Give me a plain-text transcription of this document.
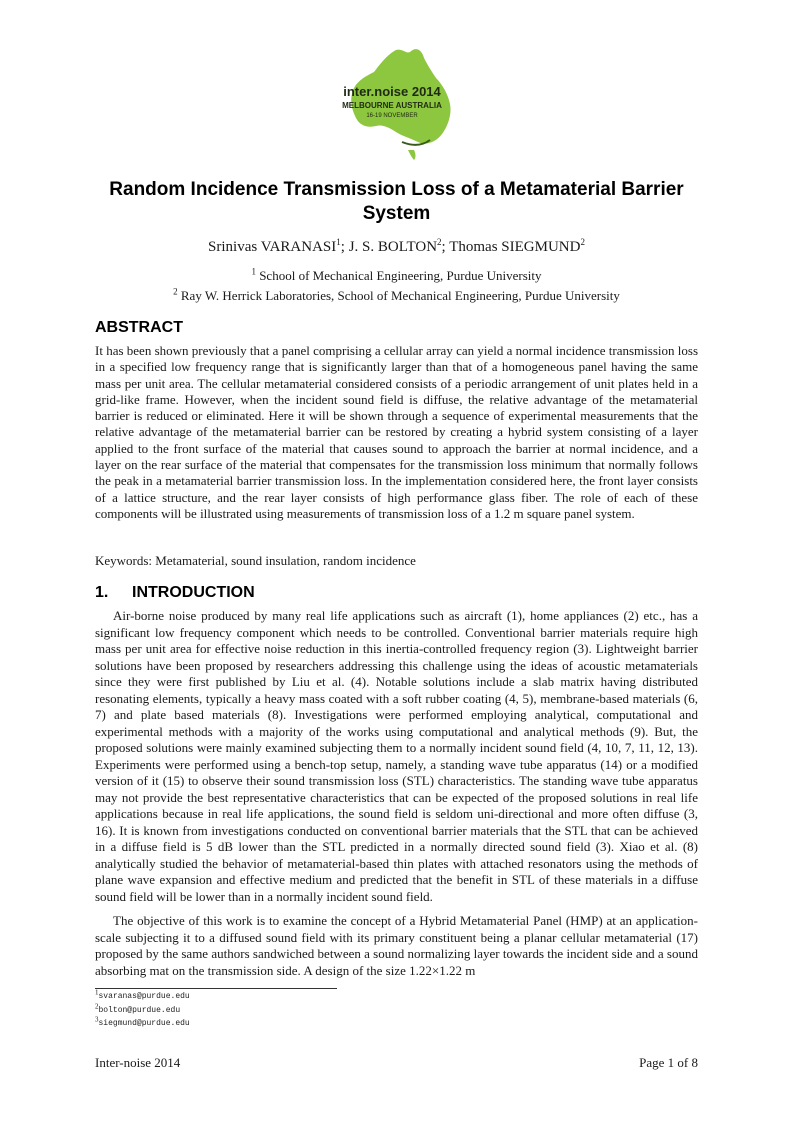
inter.noise 2014
MELBOURNE AUSTRALIA
16-19 NOVEMBER
Random Incidence Transmission Loss of a Metamaterial Barrier System
Srinivas VARANASI$^1$; J. S. BOLTON$^2$; Thomas SIEGMUND$^2$
$^1$ School of Mechanical Engineering, Purdue University
$^2$ Ray W. Herrick Laboratories, School of Mechanical Engineering, Purdue University
ABSTRACT

It has been shown previously that a panel comprising a cellular array can yield a normal incidence transmission loss in a specified low frequency range that is significantly larger than that of a homogeneous panel having the same mass per unit area. The cellular metamaterial considered consists of a periodic arrangement of unit plates held in a grid-like frame. However, when the incident sound field is diffuse, the relative advantage of the metamaterial barrier is reduced or eliminated. Here it will be shown through a sequence of experimental measurements that the relative advantage of the metamaterial barrier can be restored by creating a hybrid system consisting of a layer applied to the front surface of the material that causes sound to approach the barrier at normal incidence, and a layer on the rear surface of the material that compensates for the transmission loss minimum that normally follows the peak in a metamaterial barrier transmission loss. In the implementation considered here, the front layer consists of a lattice structure, and the rear layer consists of high performance glass fiber. The role of each of these components will be illustrated using measurements of transmission loss of a 1.2 m square panel system.

Keywords: Metamaterial, sound insulation, random incidence

1. INTRODUCTION

Air-borne noise produced by many real life applications such as aircraft (1), home appliances (2) etc., has a significant low frequency component which needs to be controlled. Conventional barrier materials require high mass per unit area for effective noise reduction in this inertia-controlled frequency region (3). Lightweight barrier solutions have been proposed by researchers addressing this challenge using the ideas of acoustic metamaterials since they were first published by Liu et al. (4). Notable solutions include a slab matrix having distributed resonating elements, typically a heavy mass coated with a soft rubber coating (4, 5), membrane-based materials (6, 7) and plate based materials (8). Investigations were performed employing analytical, computational and experimental methods with a majority of the works using computational and analytical methods (9). But, the proposed solutions were mainly examined subjecting them to a normally incident sound field (4, 10, 7, 11, 12, 13). Experiments were performed using a bench-top setup, namely, a standing wave tube apparatus (14) or a modified version of it (15) to observe their sound transmission loss (STL) characteristics. The standing wave tube apparatus may not provide the best representative characteristics that can be expected of the proposed solutions in real life applications because in real life applications, the sound field is seldom uni-directional and more often diffuse (3, 16). It is known from investigations conducted on conventional barrier materials that the STL that can be achieved in a diffuse field is 5 dB lower than the STL predicted in a normally directed sound field (3). Xiao et al. (8) analytically studied the behavior of metamaterial-based thin plates with attached resonators using the methods of plane wave expansion and effective medium and predicted that the benefit in STL of these materials in a diffuse sound field will be lower than in a normally incident sound field.

The objective of this work is to examine the concept of a Hybrid Metamaterial Panel (HMP) at an application-scale subjecting it to a diffused sound field with its primary constituent being a planar cellular metamaterial (17) proposed by the same authors sandwiched between a sound normalizing layer towards the incident side and a sound absorbing mat on the transmission side. A design of the size 1.22×1.22 m

$^1$svaranas@purdue.edu
$^2$bolton@purdue.edu
$^3$siegmund@purdue.edu
Inter-noise 2014	Page 1 of 8
